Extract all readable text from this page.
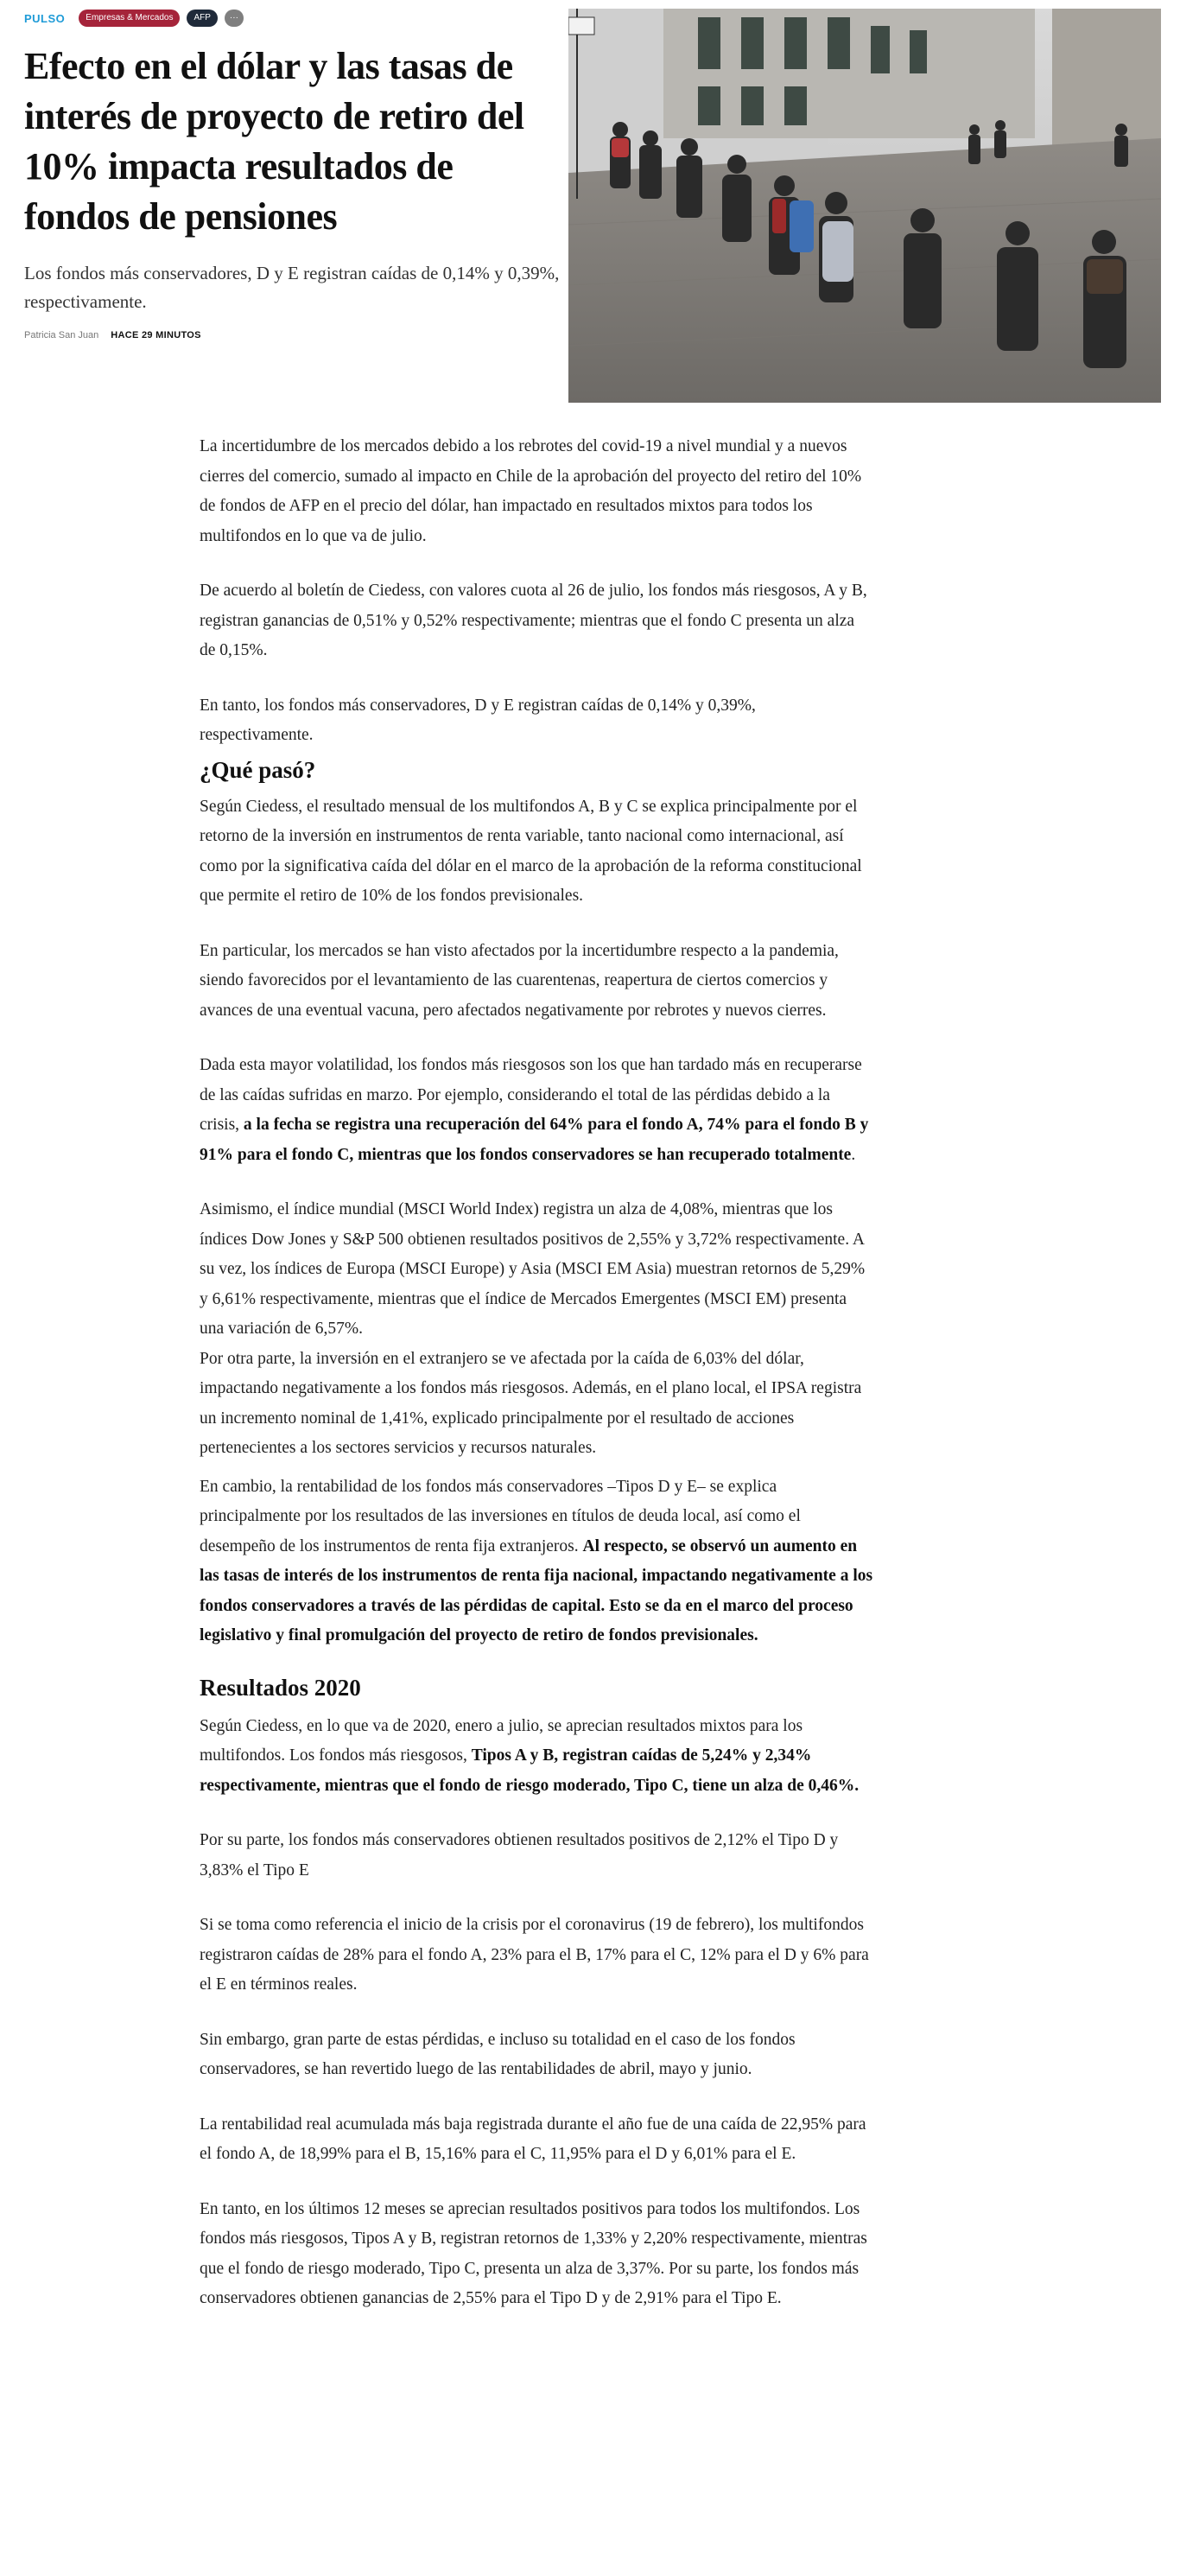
PULSO	Empresas & Mercados	AFP	···
Efecto en el dólar y las tasas de interés de proyecto de retiro del 10% impacta resultados de fondos de pensiones

Los fondos más conservadores, D y E registran caídas de 0,14% y 0,39%, respectivamente.

Patricia San Juan HACE 29 MINUTOS

La incertidumbre de los mercados debido a los rebrotes del covid-19 a nivel mundial y a nuevos cierres del comercio, sumado al impacto en Chile de la aprobación del proyecto del retiro del 10% de fondos de AFP en el precio del dólar, han impactado en resultados mixtos para todos los multifondos en lo que va de julio.

De acuerdo al boletín de Ciedess, con valores cuota al 26 de julio, los fondos más riesgosos, A y B, registran ganancias de 0,51% y 0,52% respectivamente; mientras que el fondo C presenta un alza de 0,15%.

En tanto, los fondos más conservadores, D y E registran caídas de 0,14% y 0,39%, respectivamente.

¿Qué pasó?

Según Ciedess, el resultado mensual de los multifondos A, B y C se explica principalmente por el retorno de la inversión en instrumentos de renta variable, tanto nacional como internacional, así como por la significativa caída del dólar en el marco de la aprobación de la reforma constitucional que permite el retiro de 10% de los fondos previsionales.

En particular, los mercados se han visto afectados por la incertidumbre respecto a la pandemia, siendo favorecidos por el levantamiento de las cuarentenas, reapertura de ciertos comercios y avances de una eventual vacuna, pero afectados negativamente por rebrotes y nuevos cierres.

Dada esta mayor volatilidad, los fondos más riesgosos son los que han tardado más en recuperarse de las caídas sufridas en marzo. Por ejemplo, considerando el total de las pérdidas debido a la crisis, a la fecha se registra una recuperación del 64% para el fondo A, 74% para el fondo B y 91% para el fondo C, mientras que los fondos conservadores se han recuperado totalmente.

Asimismo, el índice mundial (MSCI World Index) registra un alza de 4,08%, mientras que los índices Dow Jones y S&P 500 obtienen resultados positivos de 2,55% y 3,72% respectivamente. A su vez, los índices de Europa (MSCI Europe) y Asia (MSCI EM Asia) muestran retornos de 5,29% y 6,61% respectivamente, mientras que el índice de Mercados Emergentes (MSCI EM) presenta una variación de 6,57%.

Por otra parte, la inversión en el extranjero se ve afectada por la caída de 6,03% del dólar, impactando negativamente a los fondos más riesgosos. Además, en el plano local, el IPSA registra un incremento nominal de 1,41%, explicado principalmente por el resultado de acciones pertenecientes a los sectores servicios y recursos naturales.

En cambio, la rentabilidad de los fondos más conservadores –Tipos D y E– se explica principalmente por los resultados de las inversiones en títulos de deuda local, así como el desempeño de los instrumentos de renta fija extranjeros. Al respecto, se observó un aumento en las tasas de interés de los instrumentos de renta fija nacional, impactando negativamente a los fondos conservadores a través de las pérdidas de capital. Esto se da en el marco del proceso legislativo y final promulgación del proyecto de retiro de fondos previsionales.

Resultados 2020

Según Ciedess, en lo que va de 2020, enero a julio, se aprecian resultados mixtos para los multifondos. Los fondos más riesgosos, Tipos A y B, registran caídas de 5,24% y 2,34% respectivamente, mientras que el fondo de riesgo moderado, Tipo C, tiene un alza de 0,46%.

Por su parte, los fondos más conservadores obtienen resultados positivos de 2,12% el Tipo D y 3,83% el Tipo E

Si se toma como referencia el inicio de la crisis por el coronavirus (19 de febrero), los multifondos registraron caídas de 28% para el fondo A, 23% para el B, 17% para el C, 12% para el D y 6% para el E en términos reales.

Sin embargo, gran parte de estas pérdidas, e incluso su totalidad en el caso de los fondos conservadores, se han revertido luego de las rentabilidades de abril, mayo y junio.

La rentabilidad real acumulada más baja registrada durante el año fue de una caída de 22,95% para el fondo A, de 18,99% para el B, 15,16% para el C, 11,95% para el D y 6,01% para el E.

En tanto, en los últimos 12 meses se aprecian resultados positivos para todos los multifondos. Los fondos más riesgosos, Tipos A y B, registran retornos de 1,33% y 2,20% respectivamente, mientras que el fondo de riesgo moderado, Tipo C, presenta un alza de 3,37%. Por su parte, los fondos más conservadores obtienen ganancias de 2,55% para el Tipo D y de 2,91% para el Tipo E.
